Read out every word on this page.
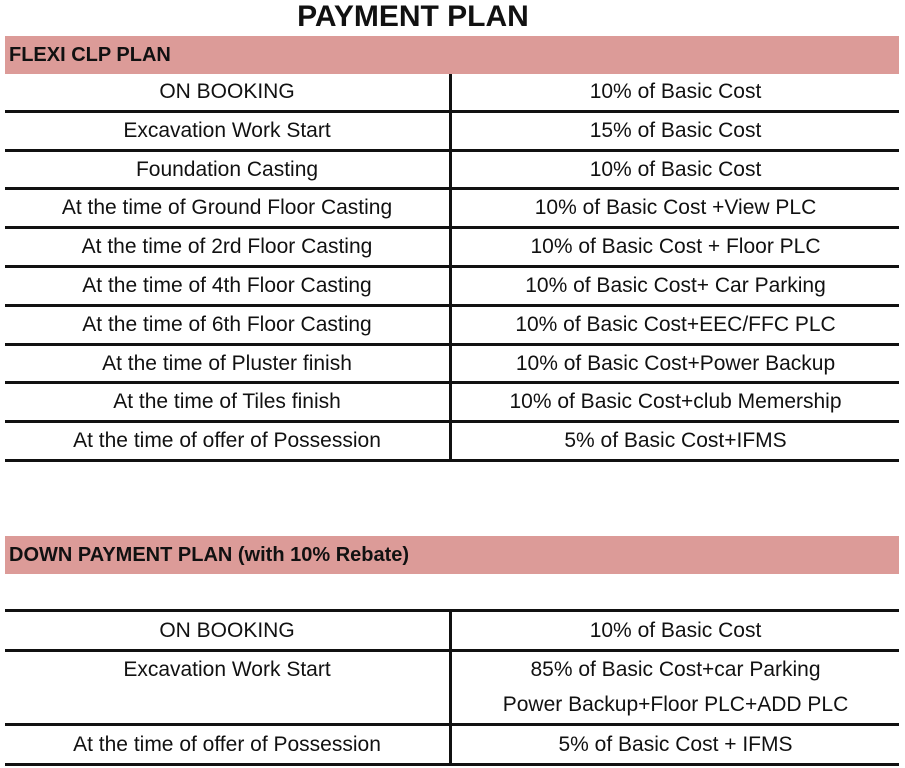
PAYMENT PLAN
FLEXI CLP PLAN
ON BOOKING	10% of Basic Cost
Excavation Work Start	15% of Basic Cost
Foundation Casting	10% of Basic Cost
At the time of Ground Floor Casting	10% of Basic Cost +View PLC
At the time of 2rd Floor Casting	10% of Basic Cost + Floor PLC
At the time of 4th Floor Casting	10% of Basic Cost+ Car Parking
At the time of 6th Floor Casting	10% of Basic Cost+EEC/FFC PLC
At the time of Pluster finish	10% of Basic Cost+Power Backup
At the time of Tiles finish	10% of Basic Cost+club Memership
At the time of offer of Possession	5% of Basic Cost+IFMS
DOWN PAYMENT PLAN (with 10% Rebate)
ON BOOKING	10% of Basic Cost
Excavation Work Start	85% of Basic Cost+car Parking
Power Backup+Floor PLC+ADD PLC
At the time of offer of Possession	5% of Basic Cost + IFMS
